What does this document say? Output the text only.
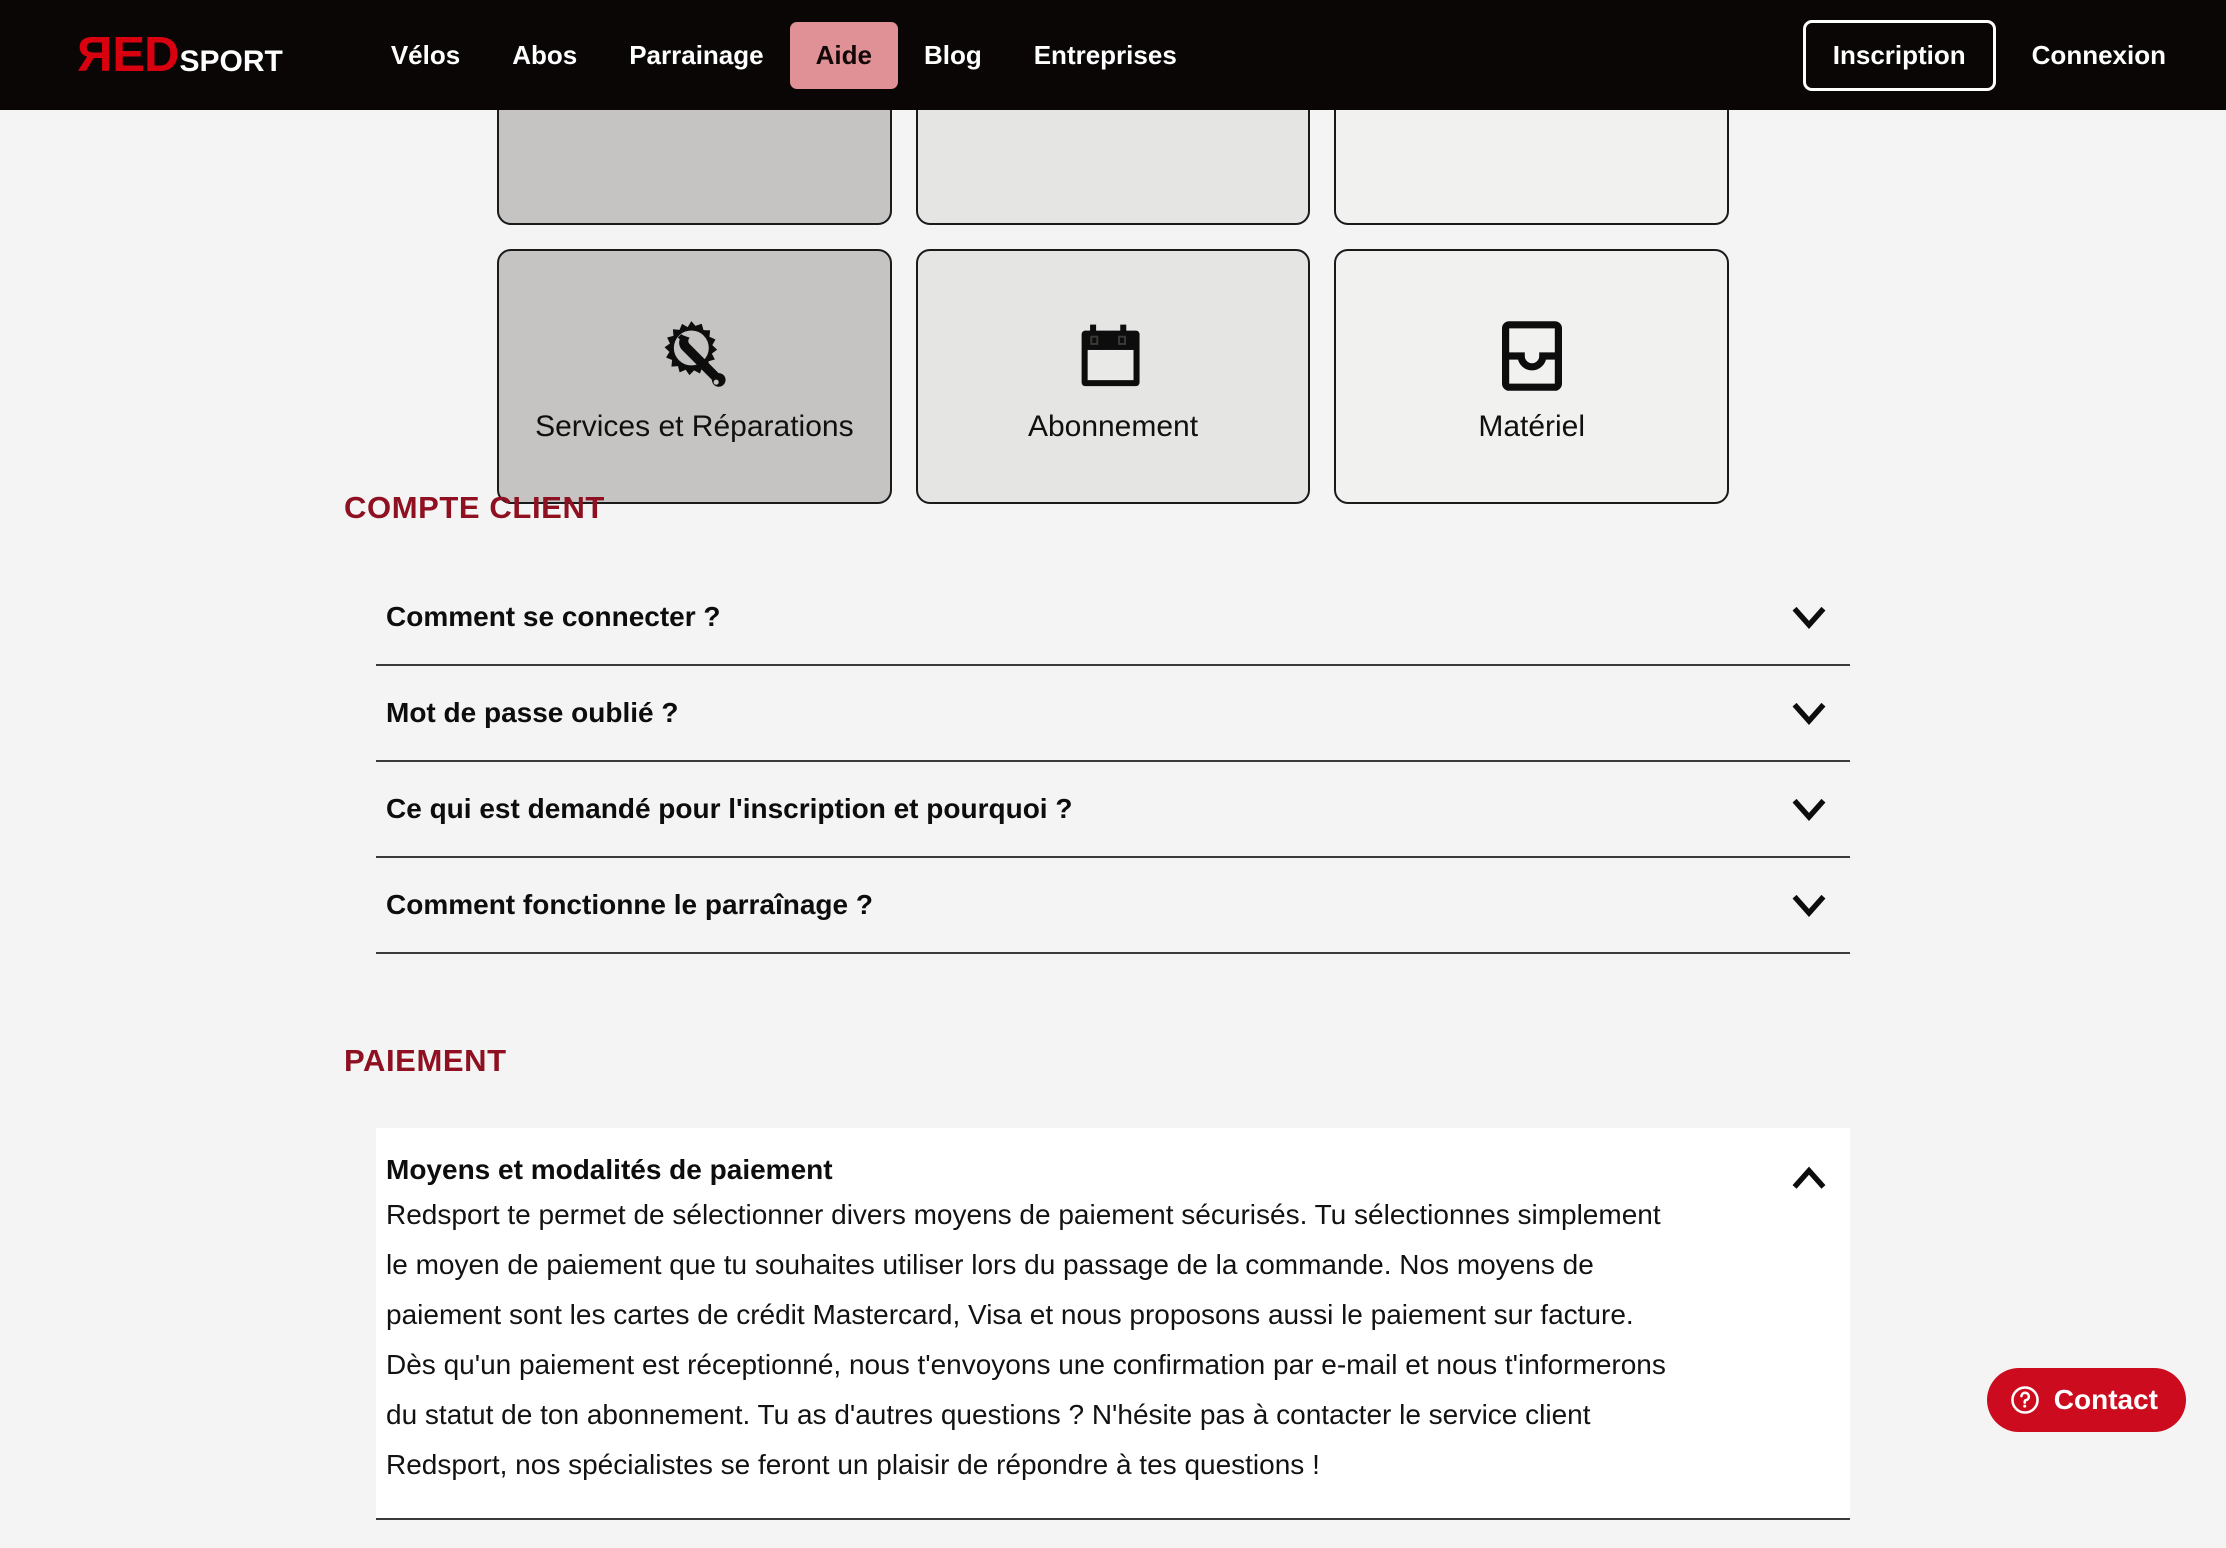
Services et Réparations	Abonnement	Matériel
COMPTE CLIENT
Comment se connecter ?
Mot de passe oublié ?
Ce qui est demandé pour l'inscription et pourquoi ?
Comment fonctionne le parraînage ?
PAIEMENT
Moyens et modalités de paiement
Redsport te permet de sélectionner divers moyens de paiement sécurisés. Tu sélectionnes simplement le moyen de paiement que tu souhaites utiliser lors du passage de la commande. Nos moyens de paiement sont les cartes de crédit Mastercard, Visa et nous proposons aussi le paiement sur facture. Dès qu'un paiement est réceptionné, nous t'envoyons une confirmation par e-mail et nous t'informerons du statut de ton abonnement. Tu as d'autres questions ? N'hésite pas à contacter le service client Redsport, nos spécialistes se feront un plaisir de répondre à tes questions !
Contact
RED SPORT	Vélos	Abos	Parrainage	Aide	Blog	Entreprises	Inscription	Connexion
